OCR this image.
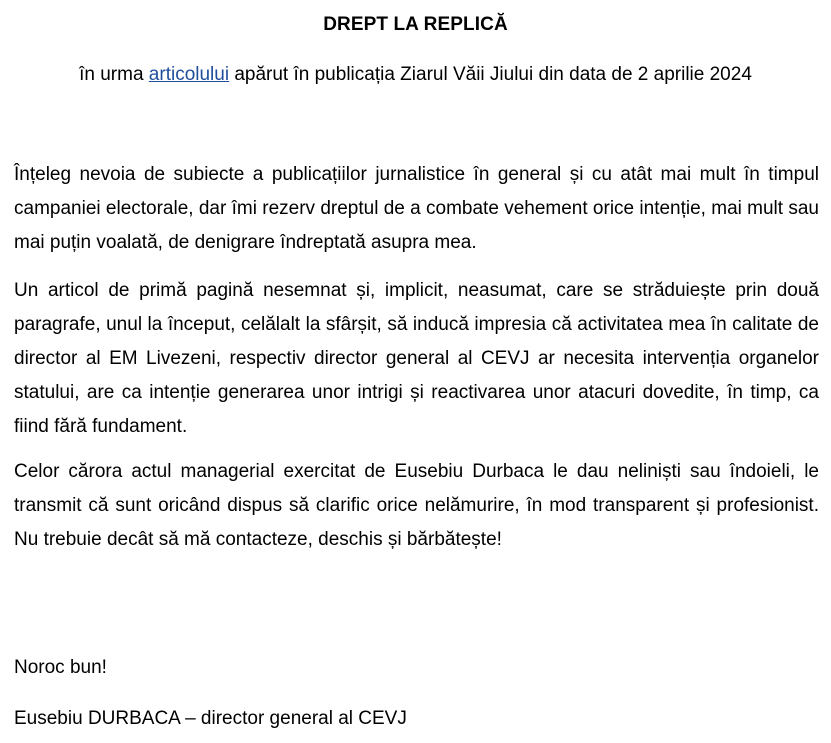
DREPT LA REPLICĂ
în urma articolului apărut în publicația Ziarul Văii Jiului din data de 2 aprilie 2024
Înțeleg nevoia de subiecte a publicațiilor jurnalistice în general și cu atât mai mult în timpul campaniei electorale, dar îmi rezerv dreptul de a combate vehement orice intenție, mai mult sau mai puțin voalată, de denigrare îndreptată asupra mea.
Un articol de primă pagină nesemnat și, implicit, neasumat, care se străduiește prin două paragrafe, unul la început, celălalt la sfârșit, să inducă impresia că activitatea mea în calitate de director al EM Livezeni, respectiv director general al CEVJ ar necesita intervenția organelor statului, are ca intenție generarea unor intrigi și reactivarea unor atacuri dovedite, în timp, ca fiind fără fundament.
Celor cărora actul managerial exercitat de Eusebiu Durbaca le dau neliniști sau îndoieli, le transmit că sunt oricând dispus să clarific orice nelămurire, în mod transparent și profesionist. Nu trebuie decât să mă contacteze, deschis și bărbătește!
Noroc bun!
Eusebiu DURBACA – director general al CEVJ
